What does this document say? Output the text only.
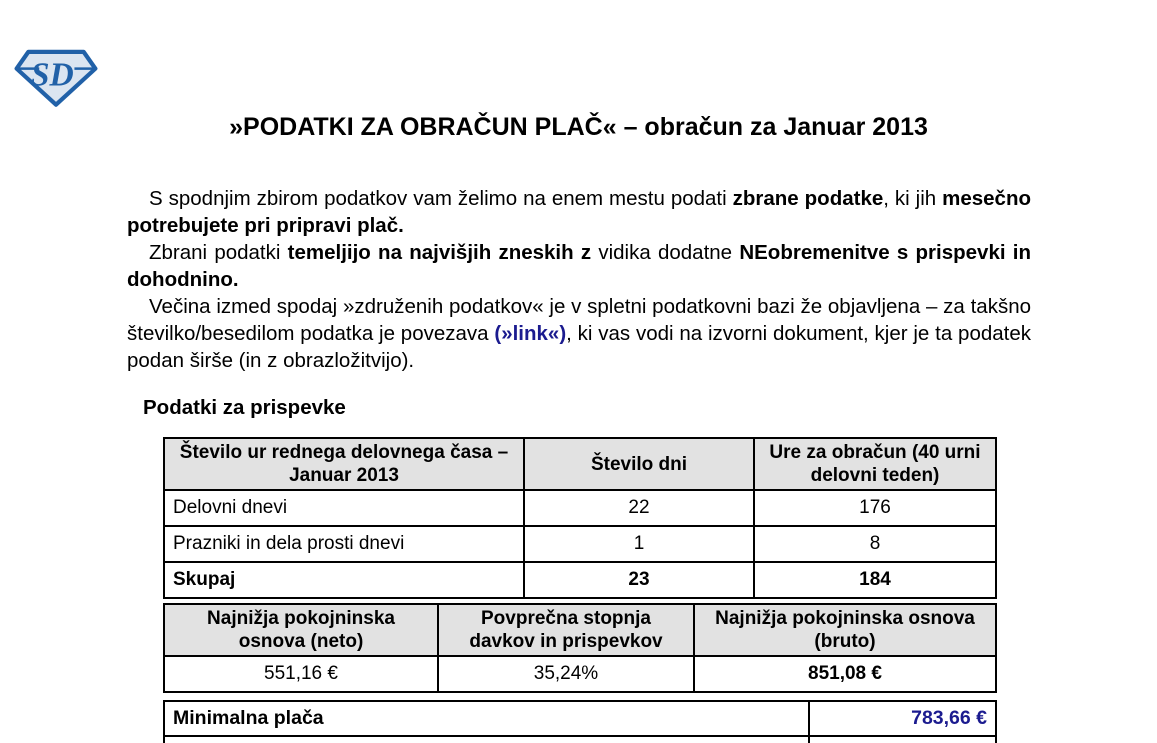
SD
»PODATKI ZA OBRAČUN PLAČ« – obračun za Januar 2013

S spodnjim zbirom podatkov vam želimo na enem mestu podati zbrane podatke, ki jih mesečno potrebujete pri pripravi plač.

Zbrani podatki temeljijo na najvišjih zneskih z vidika dodatne NEobremenitve s prispevki in dohodnino.

Večina izmed spodaj »združenih podatkov« je v spletni podatkovni bazi že objavljena – za takšno številko/besedilom podatka je povezava (»link«), ki vas vodi na izvorni dokument, kjer je ta podatek podan širše (in z obrazložitvijo).

Podatki za prispevke
Število ur rednega delovnega časa – Januar 2013	Število dni	Ure za obračun (40 urni delovni teden)
Delovni dnevi	22	176
Prazniki in dela prosti dnevi	1	8
Skupaj	23	184
Najnižja pokojninska osnova (neto)	Povprečna stopnja davkov in prispevkov	Najnižja pokojninska osnova (bruto)
551,16 €	35,24%	851,08 €
Minimalna plača	783,66 €
